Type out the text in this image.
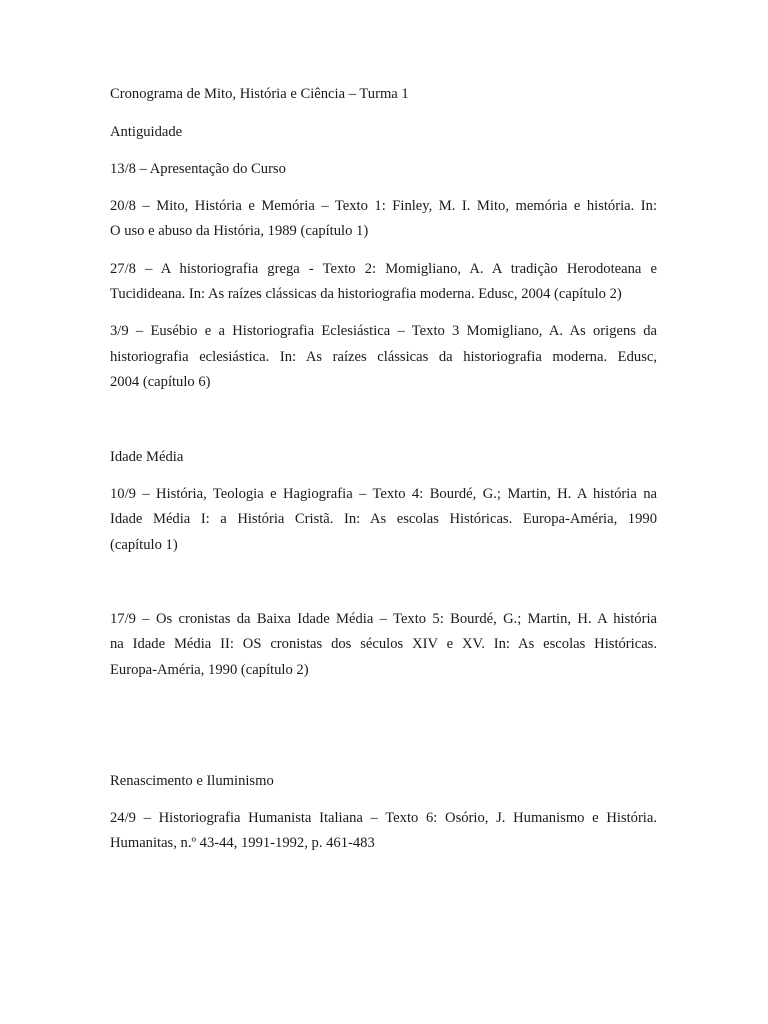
Cronograma de Mito, História e Ciência – Turma 1

Antiguidade

13/8 – Apresentação do Curso

20/8 – Mito, História e Memória – Texto 1: Finley, M. I. Mito, memória e história. In:

O uso e abuso da História, 1989 (capítulo 1)

27/8 – A historiografia grega - Texto 2: Momigliano, A. A tradição Herodoteana e

Tucidideana. In: As raízes clássicas da historiografia moderna. Edusc, 2004 (capítulo 2)

3/9 – Eusébio e a Historiografia Eclesiástica – Texto 3 Momigliano, A. As origens da

historiografia eclesiástica. In: As raízes clássicas da historiografia moderna. Edusc,

2004 (capítulo 6)

Idade Média

10/9 – História, Teologia e Hagiografia – Texto 4: Bourdé, G.; Martin, H. A história na

Idade Média I: a História Cristã. In: As escolas Históricas. Europa-Améria, 1990

(capítulo 1)

17/9 – Os cronistas da Baixa Idade Média – Texto 5: Bourdé, G.; Martin, H. A história

na Idade Média II: OS cronistas dos séculos XIV e XV. In: As escolas Históricas.

Europa-Améria, 1990 (capítulo 2)

Renascimento e Iluminismo

24/9 – Historiografia Humanista Italiana – Texto 6: Osório, J. Humanismo e História.

Humanitas, n.º 43-44, 1991-1992, p. 461-483
